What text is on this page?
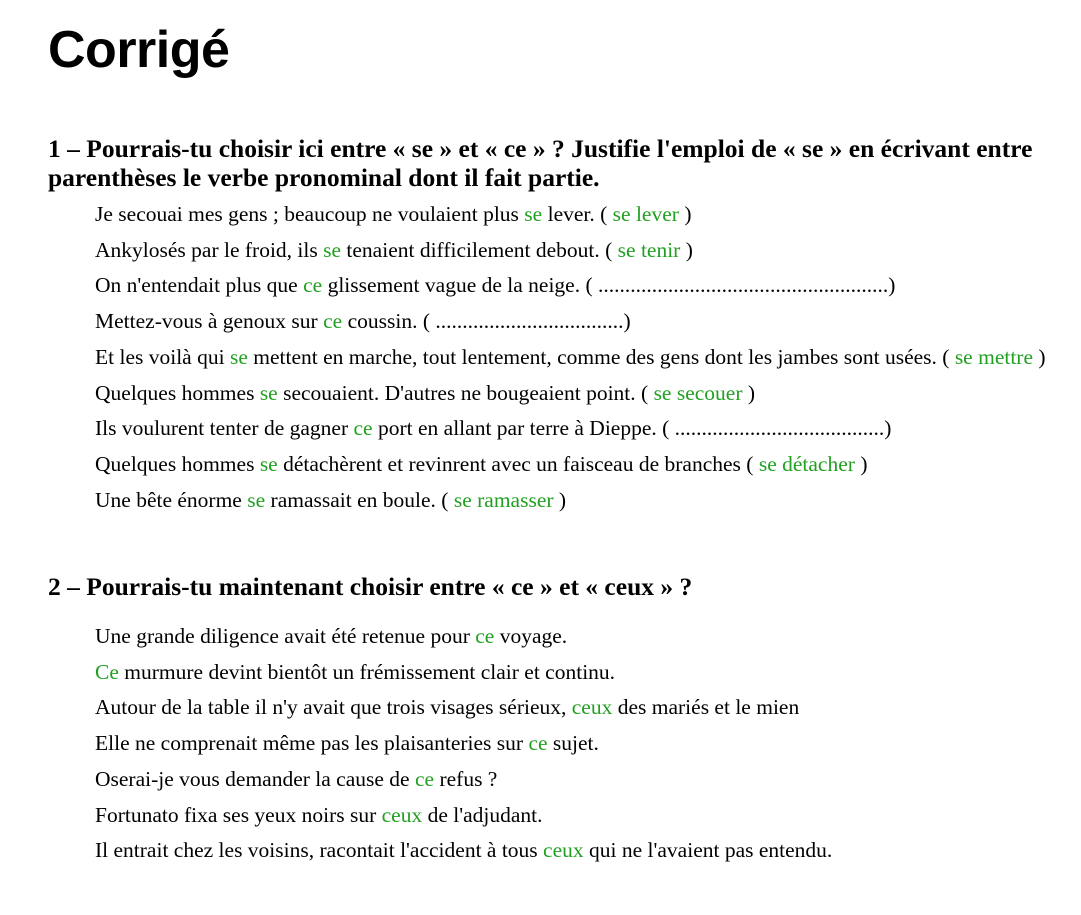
Corrigé
1 – Pourrais-tu choisir ici entre « se » et « ce » ? Justifie l'emploi de « se » en écrivant entre parenthèses le verbe pronominal dont il fait partie.
Je secouai mes gens ; beaucoup ne voulaient plus se lever. ( se lever )
Ankylosés par le froid, ils se tenaient difficilement debout. ( se tenir )
On n'entendait plus que ce glissement vague de la neige. ( ......................................................)
Mettez-vous à genoux sur ce coussin. ( ...................................)
Et les voilà qui se mettent en marche, tout lentement, comme des gens dont les jambes sont usées. ( se mettre )
Quelques hommes se secouaient. D'autres ne bougeaient point. ( se secouer )
Ils voulurent tenter de gagner ce port en allant par terre à Dieppe. ( .......................................)
Quelques hommes se détachèrent et revinrent avec un faisceau de branches ( se détacher )
Une bête énorme se ramassait en boule. ( se ramasser )
2 – Pourrais-tu maintenant choisir entre « ce » et « ceux » ?
Une grande diligence avait été retenue pour ce voyage.
Ce murmure devint bientôt un frémissement clair et continu.
Autour de la table il n'y avait que trois visages sérieux, ceux des mariés et le mien
Elle ne comprenait même pas les plaisanteries sur ce sujet.
Oserai-je vous demander la cause de ce refus ?
Fortunato fixa ses yeux noirs sur ceux de l'adjudant.
Il entrait chez les voisins, racontait l'accident à tous ceux qui ne l'avaient pas entendu.
